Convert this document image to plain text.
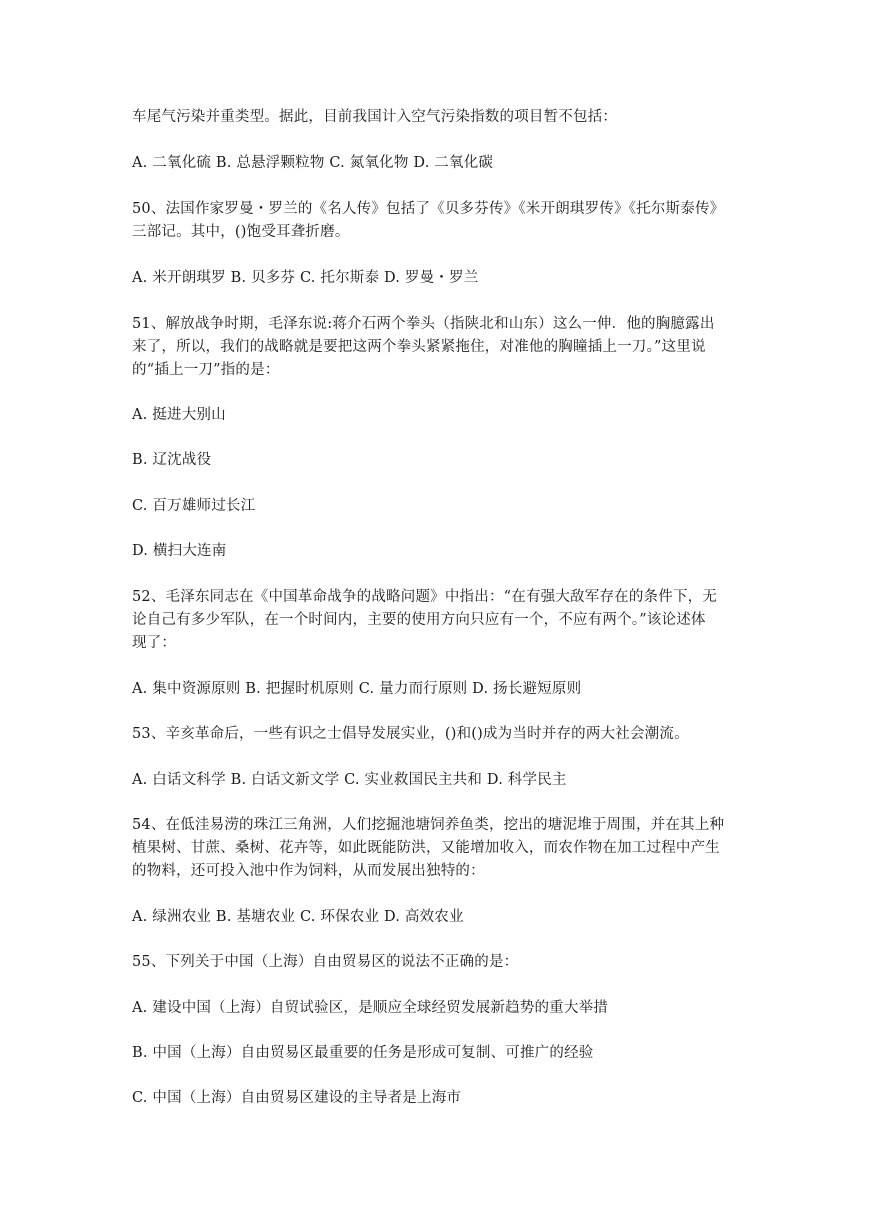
车尾气污染并重类型。据此，目前我国计入空气污染指数的项目暂不包括：
A. 二氧化硫 B. 总悬浮颗粒物 C. 氮氧化物 D. 二氧化碳
50、法国作家罗曼・罗兰的《名人传》包括了《贝多芬传》《米开朗琪罗传》《托尔斯泰传》
三部记。其中，()饱受耳聋折磨。
A. 米开朗琪罗 B. 贝多芬 C. 托尔斯泰 D. 罗曼・罗兰
51、解放战争时期，毛泽东说:蒋介石两个拳头（指陕北和山东）这么一伸．他的胸臆露出
来了，所以，我们的战略就是要把这两个拳头紧紧拖住，对准他的胸瞳插上一刀。”这里说
的“插上一刀”指的是：
A. 挺进大别山
B. 辽沈战役
C. 百万雄师过长江
D. 横扫大连南
52、毛泽东同志在《中国革命战争的战略问题》中指出：“在有强大敌军存在的条件下，无
论自己有多少军队，在一个时间内，主要的使用方向只应有一个，不应有两个。”该论述体
现了：
A. 集中资源原则 B. 把握时机原则 C. 量力而行原则 D. 扬长避短原则
53、辛亥革命后，一些有识之士倡导发展实业，()和()成为当时并存的两大社会潮流。
A. 白话文科学 B. 白话文新文学 C. 实业救国民主共和 D. 科学民主
54、在低洼易涝的珠江三角洲，人们挖掘池塘饲养鱼类，挖出的塘泥堆于周围，并在其上种
植果树、甘蔗、桑树、花卉等，如此既能防洪，又能增加收入，而农作物在加工过程中产生
的物料，还可投入池中作为饲料，从而发展出独特的：
A. 绿洲农业 B. 基塘农业 C. 环保农业 D. 高效农业
55、下列关于中国（上海）自由贸易区的说法不正确的是：
A. 建设中国（上海）自贸试验区，是顺应全球经贸发展新趋势的重大举措
B. 中国（上海）自由贸易区最重要的任务是形成可复制、可推广的经验
C. 中国（上海）自由贸易区建设的主导者是上海市
